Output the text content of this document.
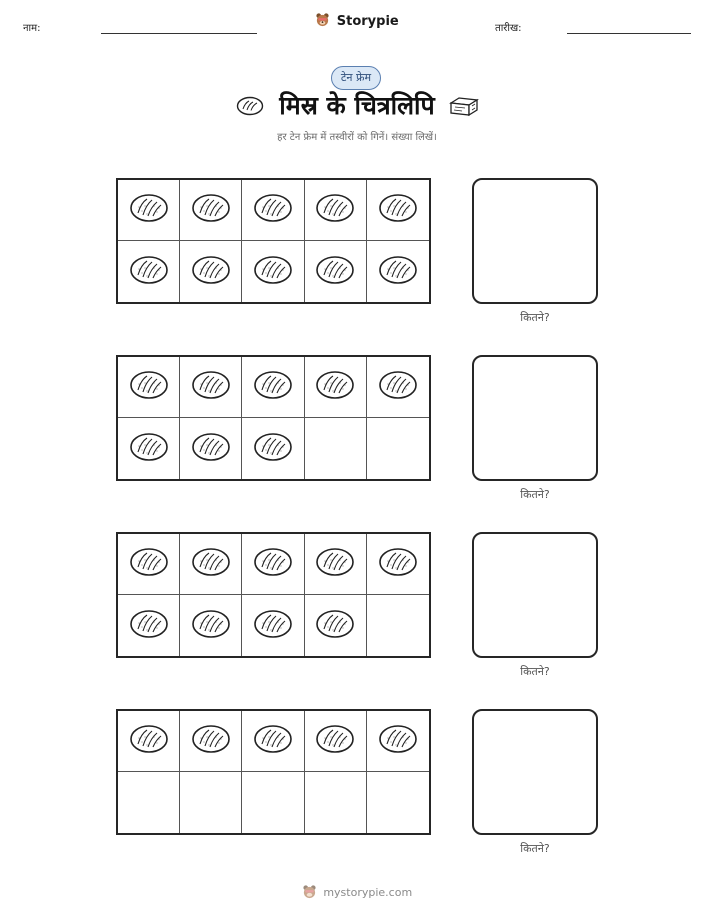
नाम:	Storypie	तारीख:
टेन फ्रेम
मिस्र के चित्रलिपि
हर टेन फ्रेम में तस्वीरों को गिनें। संख्या लिखें।
कितने?
कितने?
कितने?
कितने?
mystorypie.com
